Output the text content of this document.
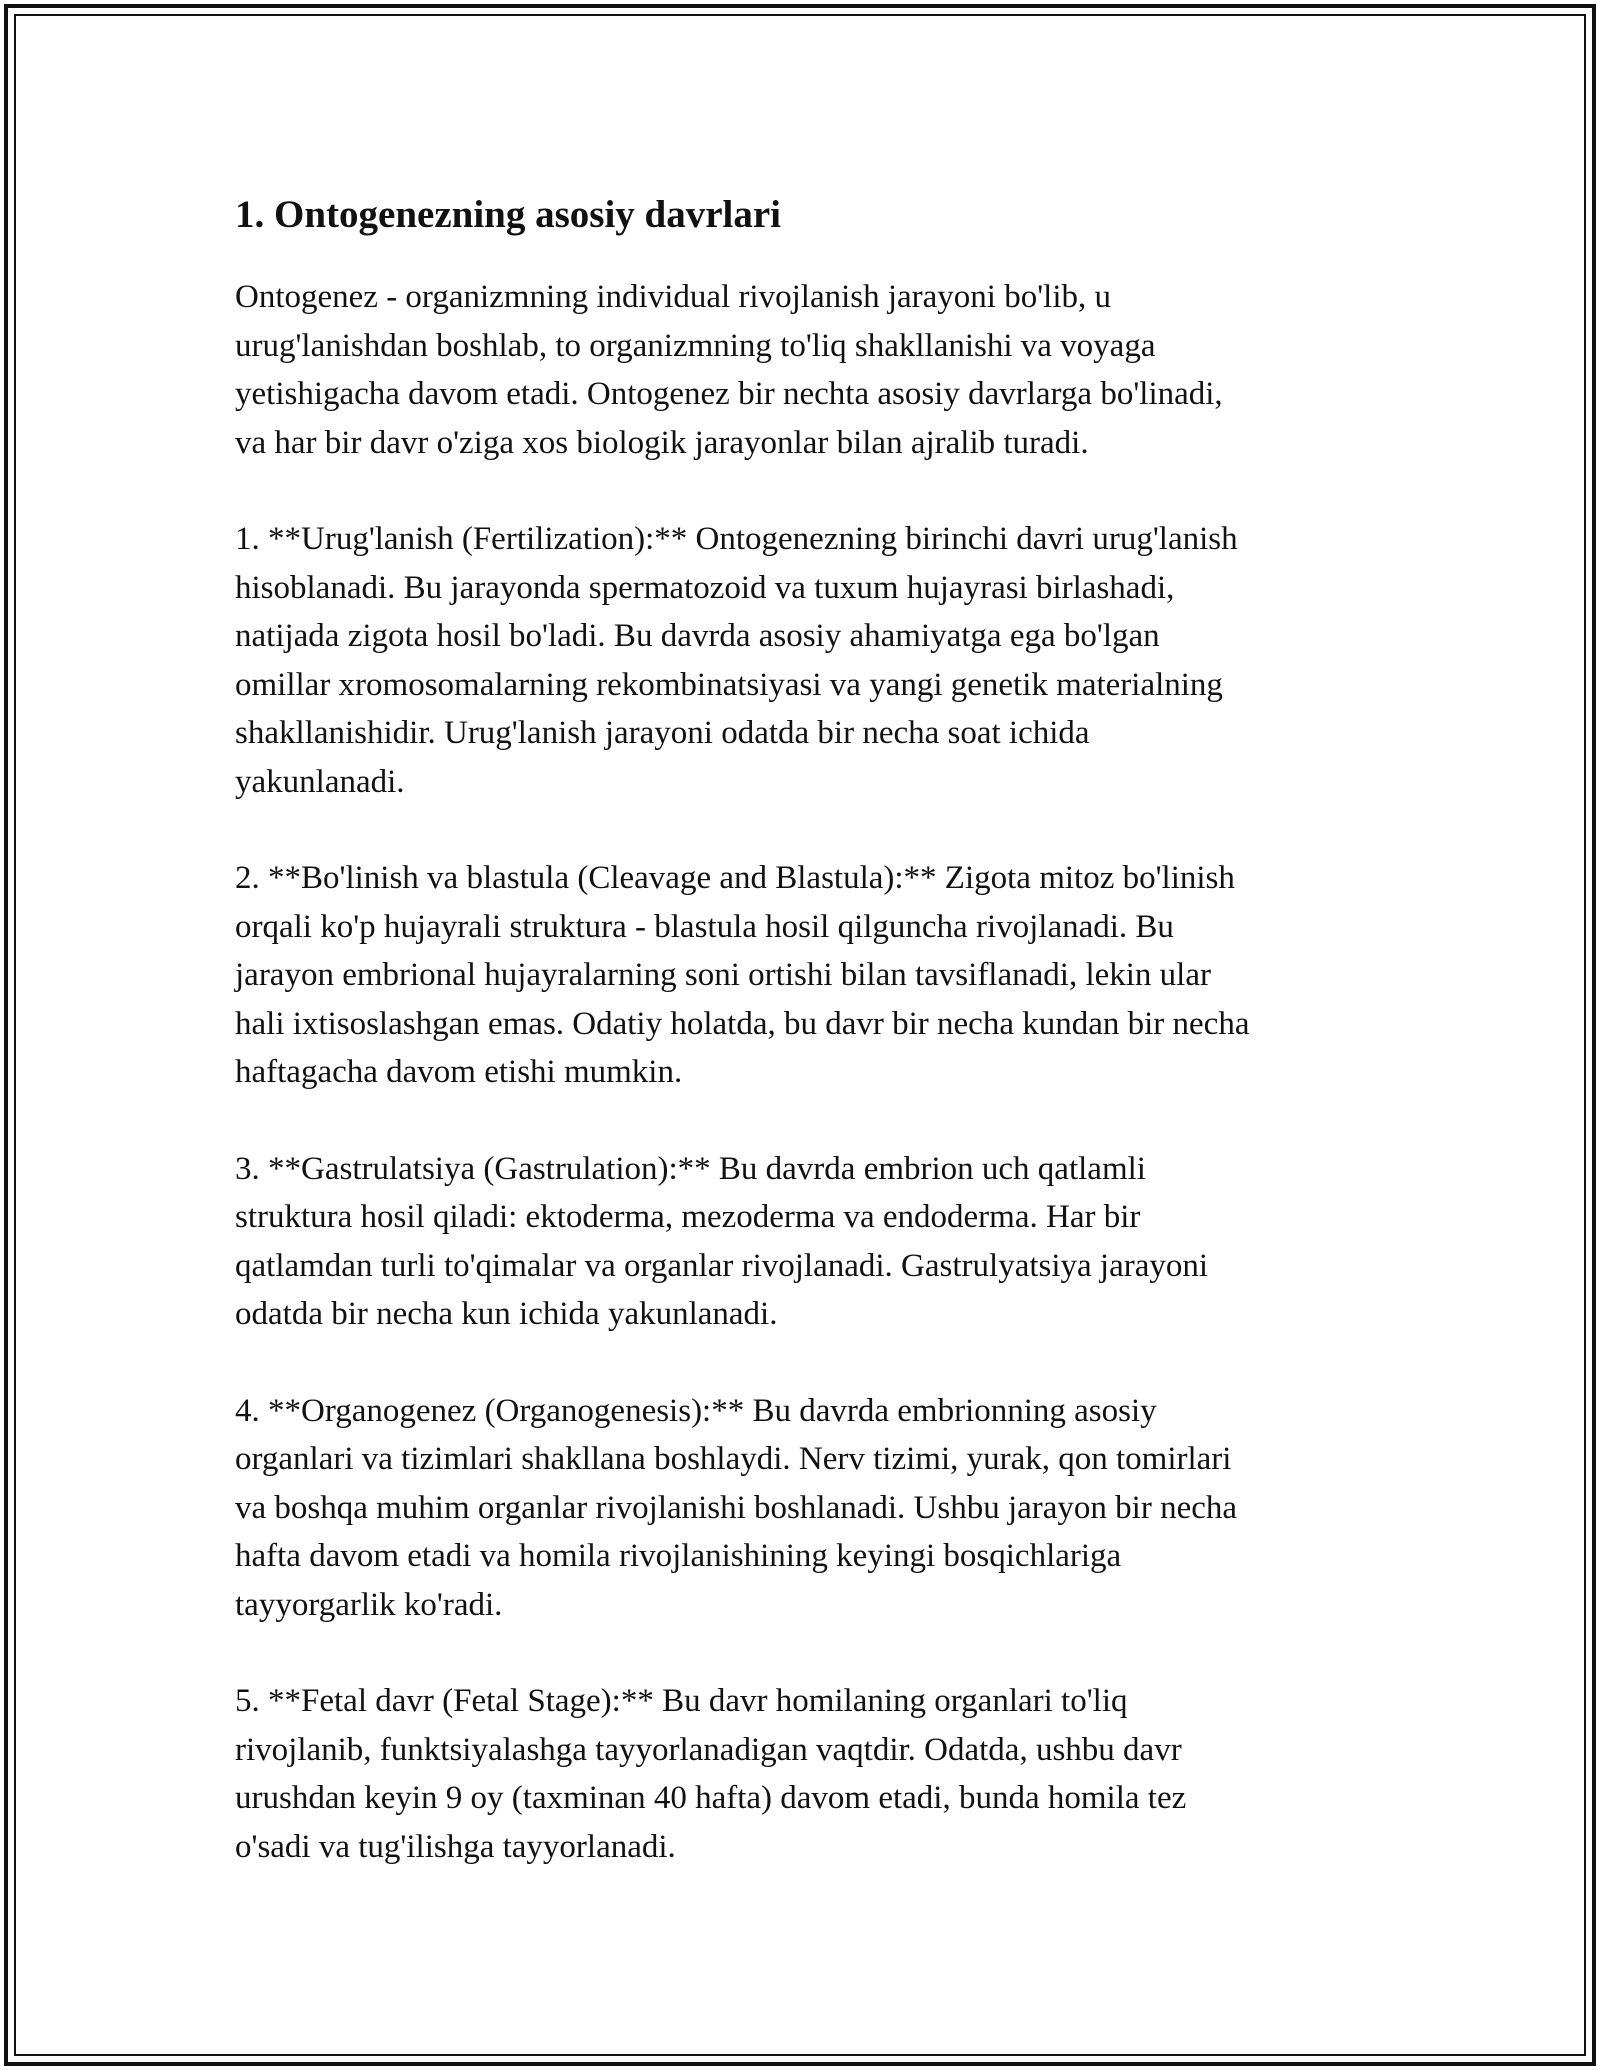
1. Ontogenezning asosiy davrlari

Ontogenez - organizmning individual rivojlanish jarayoni bo'lib, u
urug'lanishdan boshlab, to organizmning to'liq shakllanishi va voyaga
yetishigacha davom etadi. Ontogenez bir nechta asosiy davrlarga bo'linadi,
va har bir davr o'ziga xos biologik jarayonlar bilan ajralib turadi.

1. **Urug'lanish (Fertilization):** Ontogenezning birinchi davri urug'lanish
hisoblanadi. Bu jarayonda spermatozoid va tuxum hujayrasi birlashadi,
natijada zigota hosil bo'ladi. Bu davrda asosiy ahamiyatga ega bo'lgan
omillar xromosomalarning rekombinatsiyasi va yangi genetik materialning
shakllanishidir. Urug'lanish jarayoni odatda bir necha soat ichida
yakunlanadi.

2. **Bo'linish va blastula (Cleavage and Blastula):** Zigota mitoz bo'linish
orqali ko'p hujayrali struktura - blastula hosil qilguncha rivojlanadi. Bu
jarayon embrional hujayralarning soni ortishi bilan tavsiflanadi, lekin ular
hali ixtisoslashgan emas. Odatiy holatda, bu davr bir necha kundan bir necha
haftagacha davom etishi mumkin.

3. **Gastrulatsiya (Gastrulation):** Bu davrda embrion uch qatlamli
struktura hosil qiladi: ektoderma, mezoderma va endoderma. Har bir
qatlamdan turli to'qimalar va organlar rivojlanadi. Gastrulyatsiya jarayoni
odatda bir necha kun ichida yakunlanadi.

4. **Organogenez (Organogenesis):** Bu davrda embrionning asosiy
organlari va tizimlari shakllana boshlaydi. Nerv tizimi, yurak, qon tomirlari
va boshqa muhim organlar rivojlanishi boshlanadi. Ushbu jarayon bir necha
hafta davom etadi va homila rivojlanishining keyingi bosqichlariga
tayyorgarlik ko'radi.

5. **Fetal davr (Fetal Stage):** Bu davr homilaning organlari to'liq
rivojlanib, funktsiyalashga tayyorlanadigan vaqtdir. Odatda, ushbu davr
urushdan keyin 9 oy (taxminan 40 hafta) davom etadi, bunda homila tez
o'sadi va tug'ilishga tayyorlanadi.
